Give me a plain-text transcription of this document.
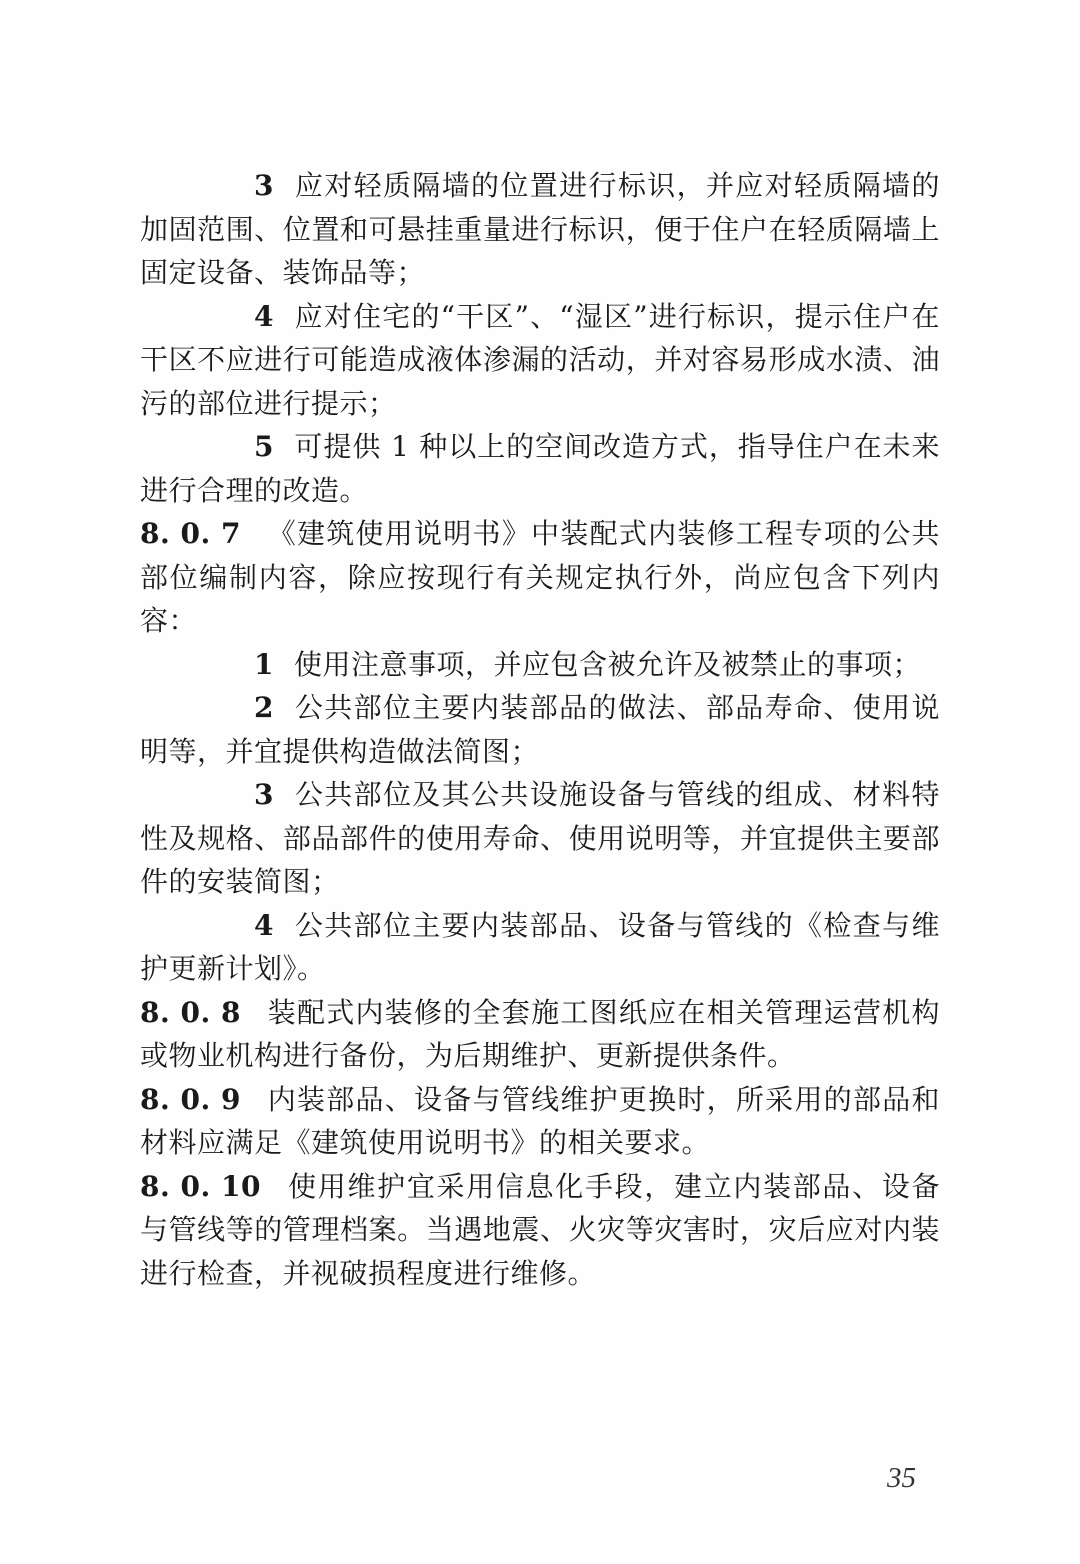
3 应对轻质隔墙的位置进行标识，并应对轻质隔墙的加固范围、位置和可悬挂重量进行标识，便于住户在轻质隔墙上固定设备、装饰品等；

4 应对住宅的“干区”、“湿区”进行标识，提示住户在干区不应进行可能造成液体渗漏的活动，并对容易形成水渍、油污的部位进行提示；

5 可提供 1 种以上的空间改造方式，指导住户在未来进行合理的改造。

8. 0. 7 《建筑使用说明书》中装配式内装修工程专项的公共部位编制内容，除应按现行有关规定执行外，尚应包含下列内容：

1 使用注意事项，并应包含被允许及被禁止的事项；

2 公共部位主要内装部品的做法、部品寿命、使用说明等，并宜提供构造做法简图；

3 公共部位及其公共设施设备与管线的组成、材料特性及规格、部品部件的使用寿命、使用说明等，并宜提供主要部件的安装简图；

4 公共部位主要内装部品、设备与管线的《检查与维护更新计划》。

8. 0. 8 装配式内装修的全套施工图纸应在相关管理运营机构或物业机构进行备份，为后期维护、更新提供条件。

8. 0. 9 内装部品、设备与管线维护更换时，所采用的部品和材料应满足《建筑使用说明书》的相关要求。

8. 0. 10 使用维护宜采用信息化手段，建立内装部品、设备与管线等的管理档案。当遇地震、火灾等灾害时，灾后应对内装进行检查，并视破损程度进行维修。

35
